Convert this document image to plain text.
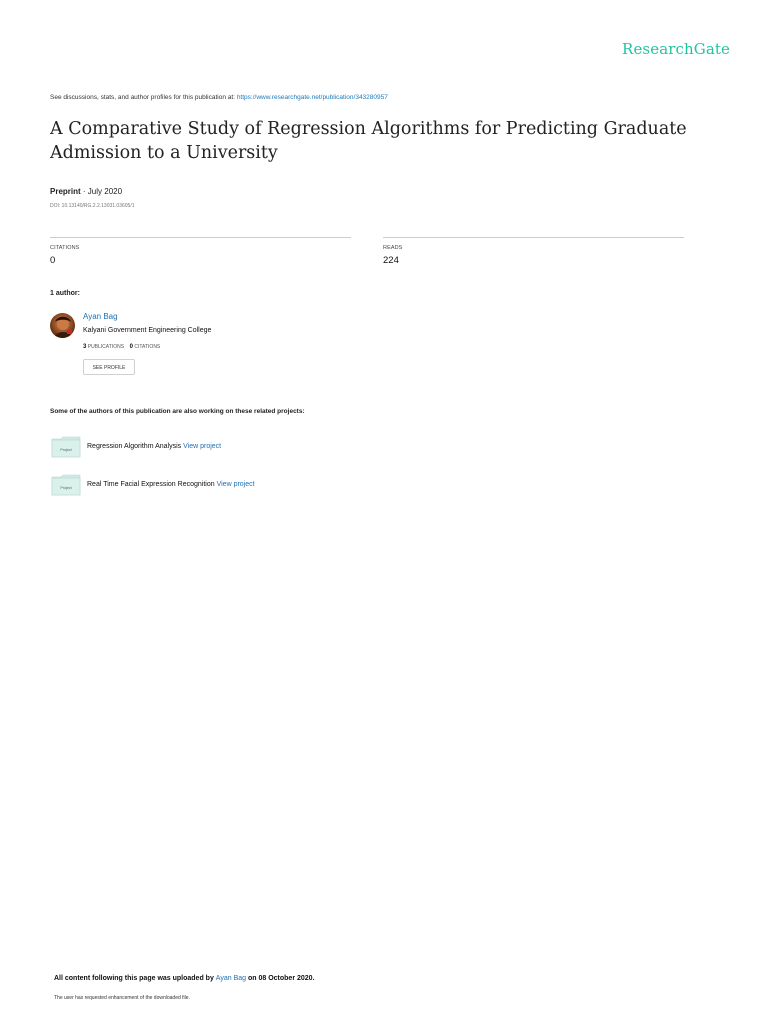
ResearchGate
See discussions, stats, and author profiles for this publication at: https://www.researchgate.net/publication/343280957
A Comparative Study of Regression Algorithms for Predicting Graduate Admission to a University
Preprint · July 2020
DOI: 10.13140/RG.2.2.13031.03605/1
CITATIONS
0
READS
224
1 author:
Ayan Bag
Kalyani Government Engineering College
3 PUBLICATIONS 0 CITATIONS
SEE PROFILE
Some of the authors of this publication are also working on these related projects:
Project Regression Algorithm Analysis View project
Project Real Time Facial Expression Recognition View project
All content following this page was uploaded by Ayan Bag on 08 October 2020.
The user has requested enhancement of the downloaded file.
